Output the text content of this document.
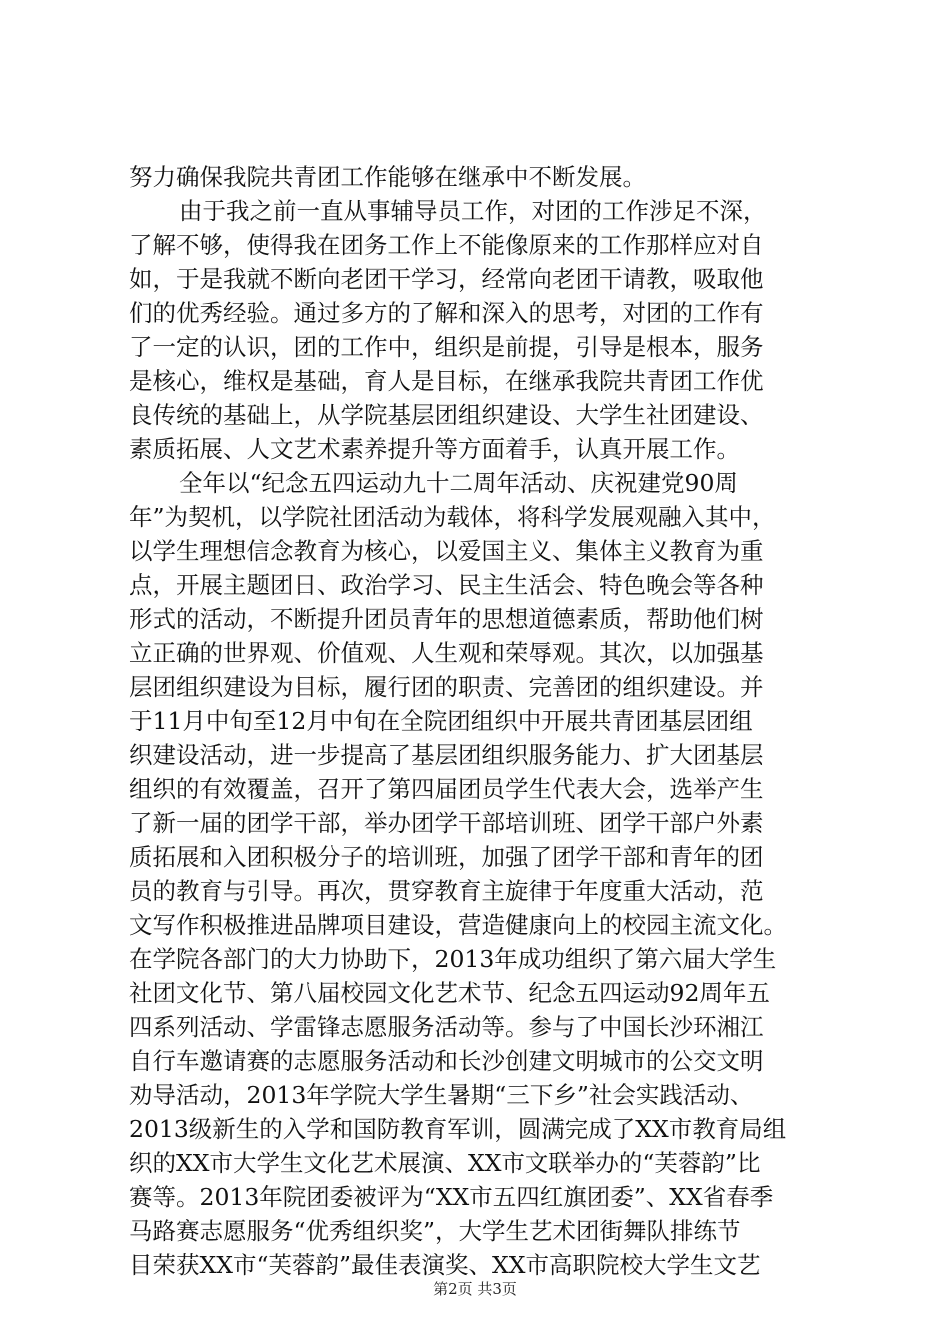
努力确保我院共青团工作能够在继承中不断发展。
由于我之前一直从事辅导员工作，对团的工作涉足不深，
了解不够，使得我在团务工作上不能像原来的工作那样应对自
如，于是我就不断向老团干学习，经常向老团干请教，吸取他
们的优秀经验。通过多方的了解和深入的思考，对团的工作有
了一定的认识，团的工作中，组织是前提，引导是根本，服务
是核心，维权是基础，育人是目标，在继承我院共青团工作优
良传统的基础上，从学院基层团组织建设、大学生社团建设、
素质拓展、人文艺术素养提升等方面着手，认真开展工作。
全年以“纪念五四运动九十二周年活动、庆祝建党90周
年”为契机，以学院社团活动为载体，将科学发展观融入其中，
以学生理想信念教育为核心，以爱国主义、集体主义教育为重
点，开展主题团日、政治学习、民主生活会、特色晚会等各种
形式的活动，不断提升团员青年的思想道德素质，帮助他们树
立正确的世界观、价值观、人生观和荣辱观。其次，以加强基
层团组织建设为目标，履行团的职责、完善团的组织建设。并
于11月中旬至12月中旬在全院团组织中开展共青团基层团组
织建设活动，进一步提高了基层团组织服务能力、扩大团基层
组织的有效覆盖，召开了第四届团员学生代表大会，选举产生
了新一届的团学干部，举办团学干部培训班、团学干部户外素
质拓展和入团积极分子的培训班，加强了团学干部和青年的团
员的教育与引导。再次，贯穿教育主旋律于年度重大活动，范
文写作积极推进品牌项目建设，营造健康向上的校园主流文化。
在学院各部门的大力协助下，2013年成功组织了第六届大学生
社团文化节、第八届校园文化艺术节、纪念五四运动92周年五
四系列活动、学雷锋志愿服务活动等。参与了中国长沙环湘江
自行车邀请赛的志愿服务活动和长沙创建文明城市的公交文明
劝导活动，2013年学院大学生暑期“三下乡”社会实践活动、
2013级新生的入学和国防教育军训，圆满完成了XX市教育局组
织的XX市大学生文化艺术展演、XX市文联举办的“芙蓉韵”比
赛等。2013年院团委被评为“XX市五四红旗团委”、XX省春季
马路赛志愿服务“优秀组织奖”，大学生艺术团街舞队排练节
目荣获XX市“芙蓉韵”最佳表演奖、XX市高职院校大学生文艺
第2页 共3页
